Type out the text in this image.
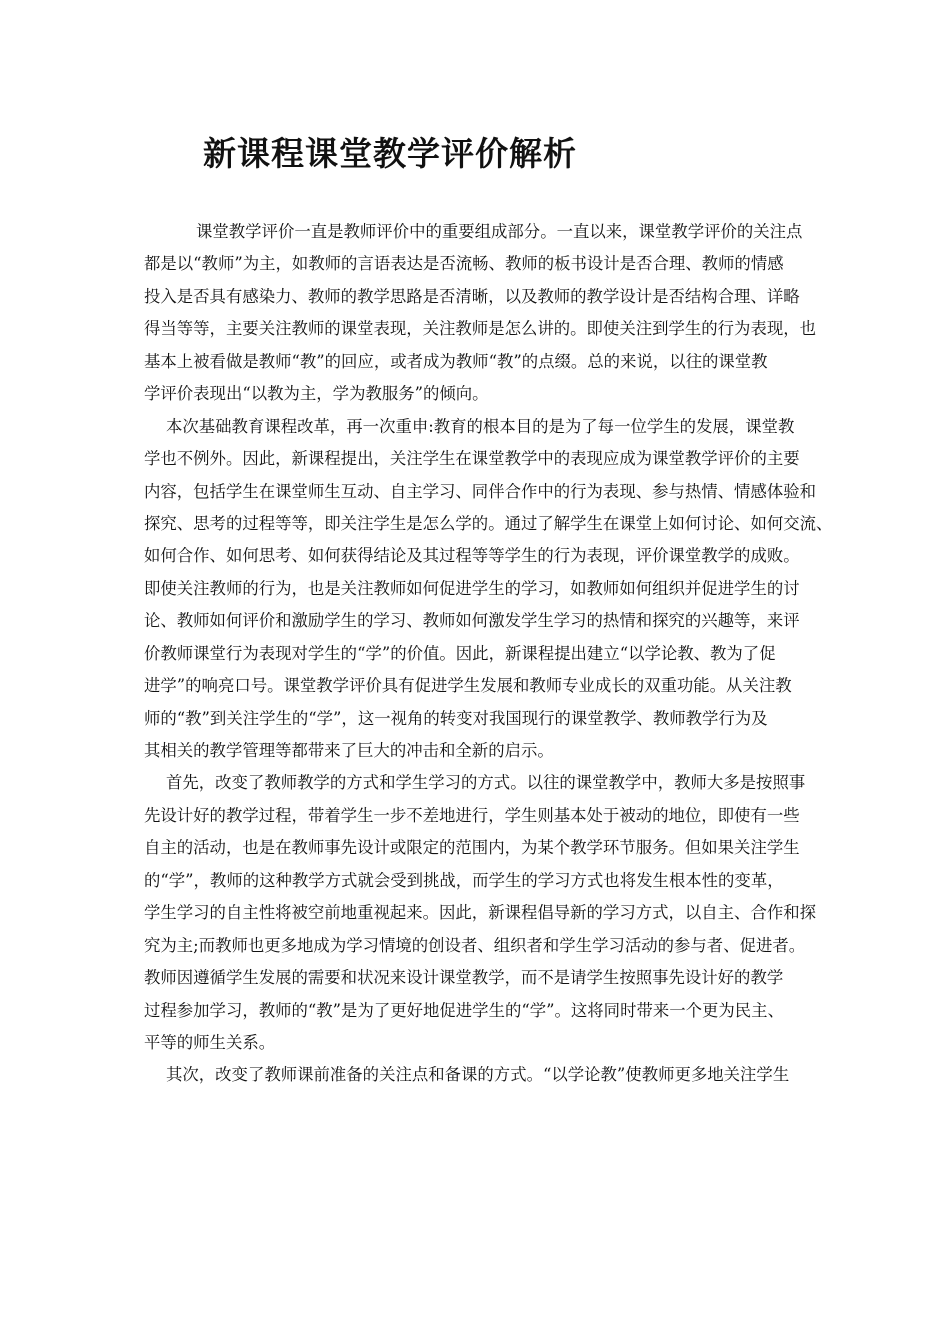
新课程课堂教学评价解析
课堂教学评价一直是教师评价中的重要组成部分。一直以来，课堂教学评价的关注点
都是以“教师”为主，如教师的言语表达是否流畅、教师的板书设计是否合理、教师的情感
投入是否具有感染力、教师的教学思路是否清晰，以及教师的教学设计是否结构合理、详略
得当等等，主要关注教师的课堂表现，关注教师是怎么讲的。即使关注到学生的行为表现，也
基本上被看做是教师“教”的回应，或者成为教师“教”的点缀。总的来说，以往的课堂教
学评价表现出“以教为主，学为教服务”的倾向。
本次基础教育课程改革，再一次重申:教育的根本目的是为了每一位学生的发展，课堂教
学也不例外。因此，新课程提出，关注学生在课堂教学中的表现应成为课堂教学评价的主要
内容，包括学生在课堂师生互动、自主学习、同伴合作中的行为表现、参与热情、情感体验和
探究、思考的过程等等，即关注学生是怎么学的。通过了解学生在课堂上如何讨论、如何交流、
如何合作、如何思考、如何获得结论及其过程等等学生的行为表现，评价课堂教学的成败。
即使关注教师的行为，也是关注教师如何促进学生的学习，如教师如何组织并促进学生的讨
论、教师如何评价和激励学生的学习、教师如何激发学生学习的热情和探究的兴趣等，来评
价教师课堂行为表现对学生的“学”的价值。因此，新课程提出建立“以学论教、教为了促
进学”的响亮口号。课堂教学评价具有促进学生发展和教师专业成长的双重功能。从关注教
师的“教”到关注学生的“学”，这一视角的转变对我国现行的课堂教学、教师教学行为及
其相关的教学管理等都带来了巨大的冲击和全新的启示。
首先，改变了教师教学的方式和学生学习的方式。以往的课堂教学中，教师大多是按照事
先设计好的教学过程，带着学生一步不差地进行，学生则基本处于被动的地位，即使有一些
自主的活动，也是在教师事先设计或限定的范围内，为某个教学环节服务。但如果关注学生
的“学”，教师的这种教学方式就会受到挑战，而学生的学习方式也将发生根本性的变革，
学生学习的自主性将被空前地重视起来。因此，新课程倡导新的学习方式，以自主、合作和探
究为主;而教师也更多地成为学习情境的创设者、组织者和学生学习活动的参与者、促进者。
教师因遵循学生发展的需要和状况来设计课堂教学，而不是请学生按照事先设计好的教学
过程参加学习，教师的“教”是为了更好地促进学生的“学”。这将同时带来一个更为民主、
平等的师生关系。
其次，改变了教师课前准备的关注点和备课的方式。“以学论教”使教师更多地关注学生
